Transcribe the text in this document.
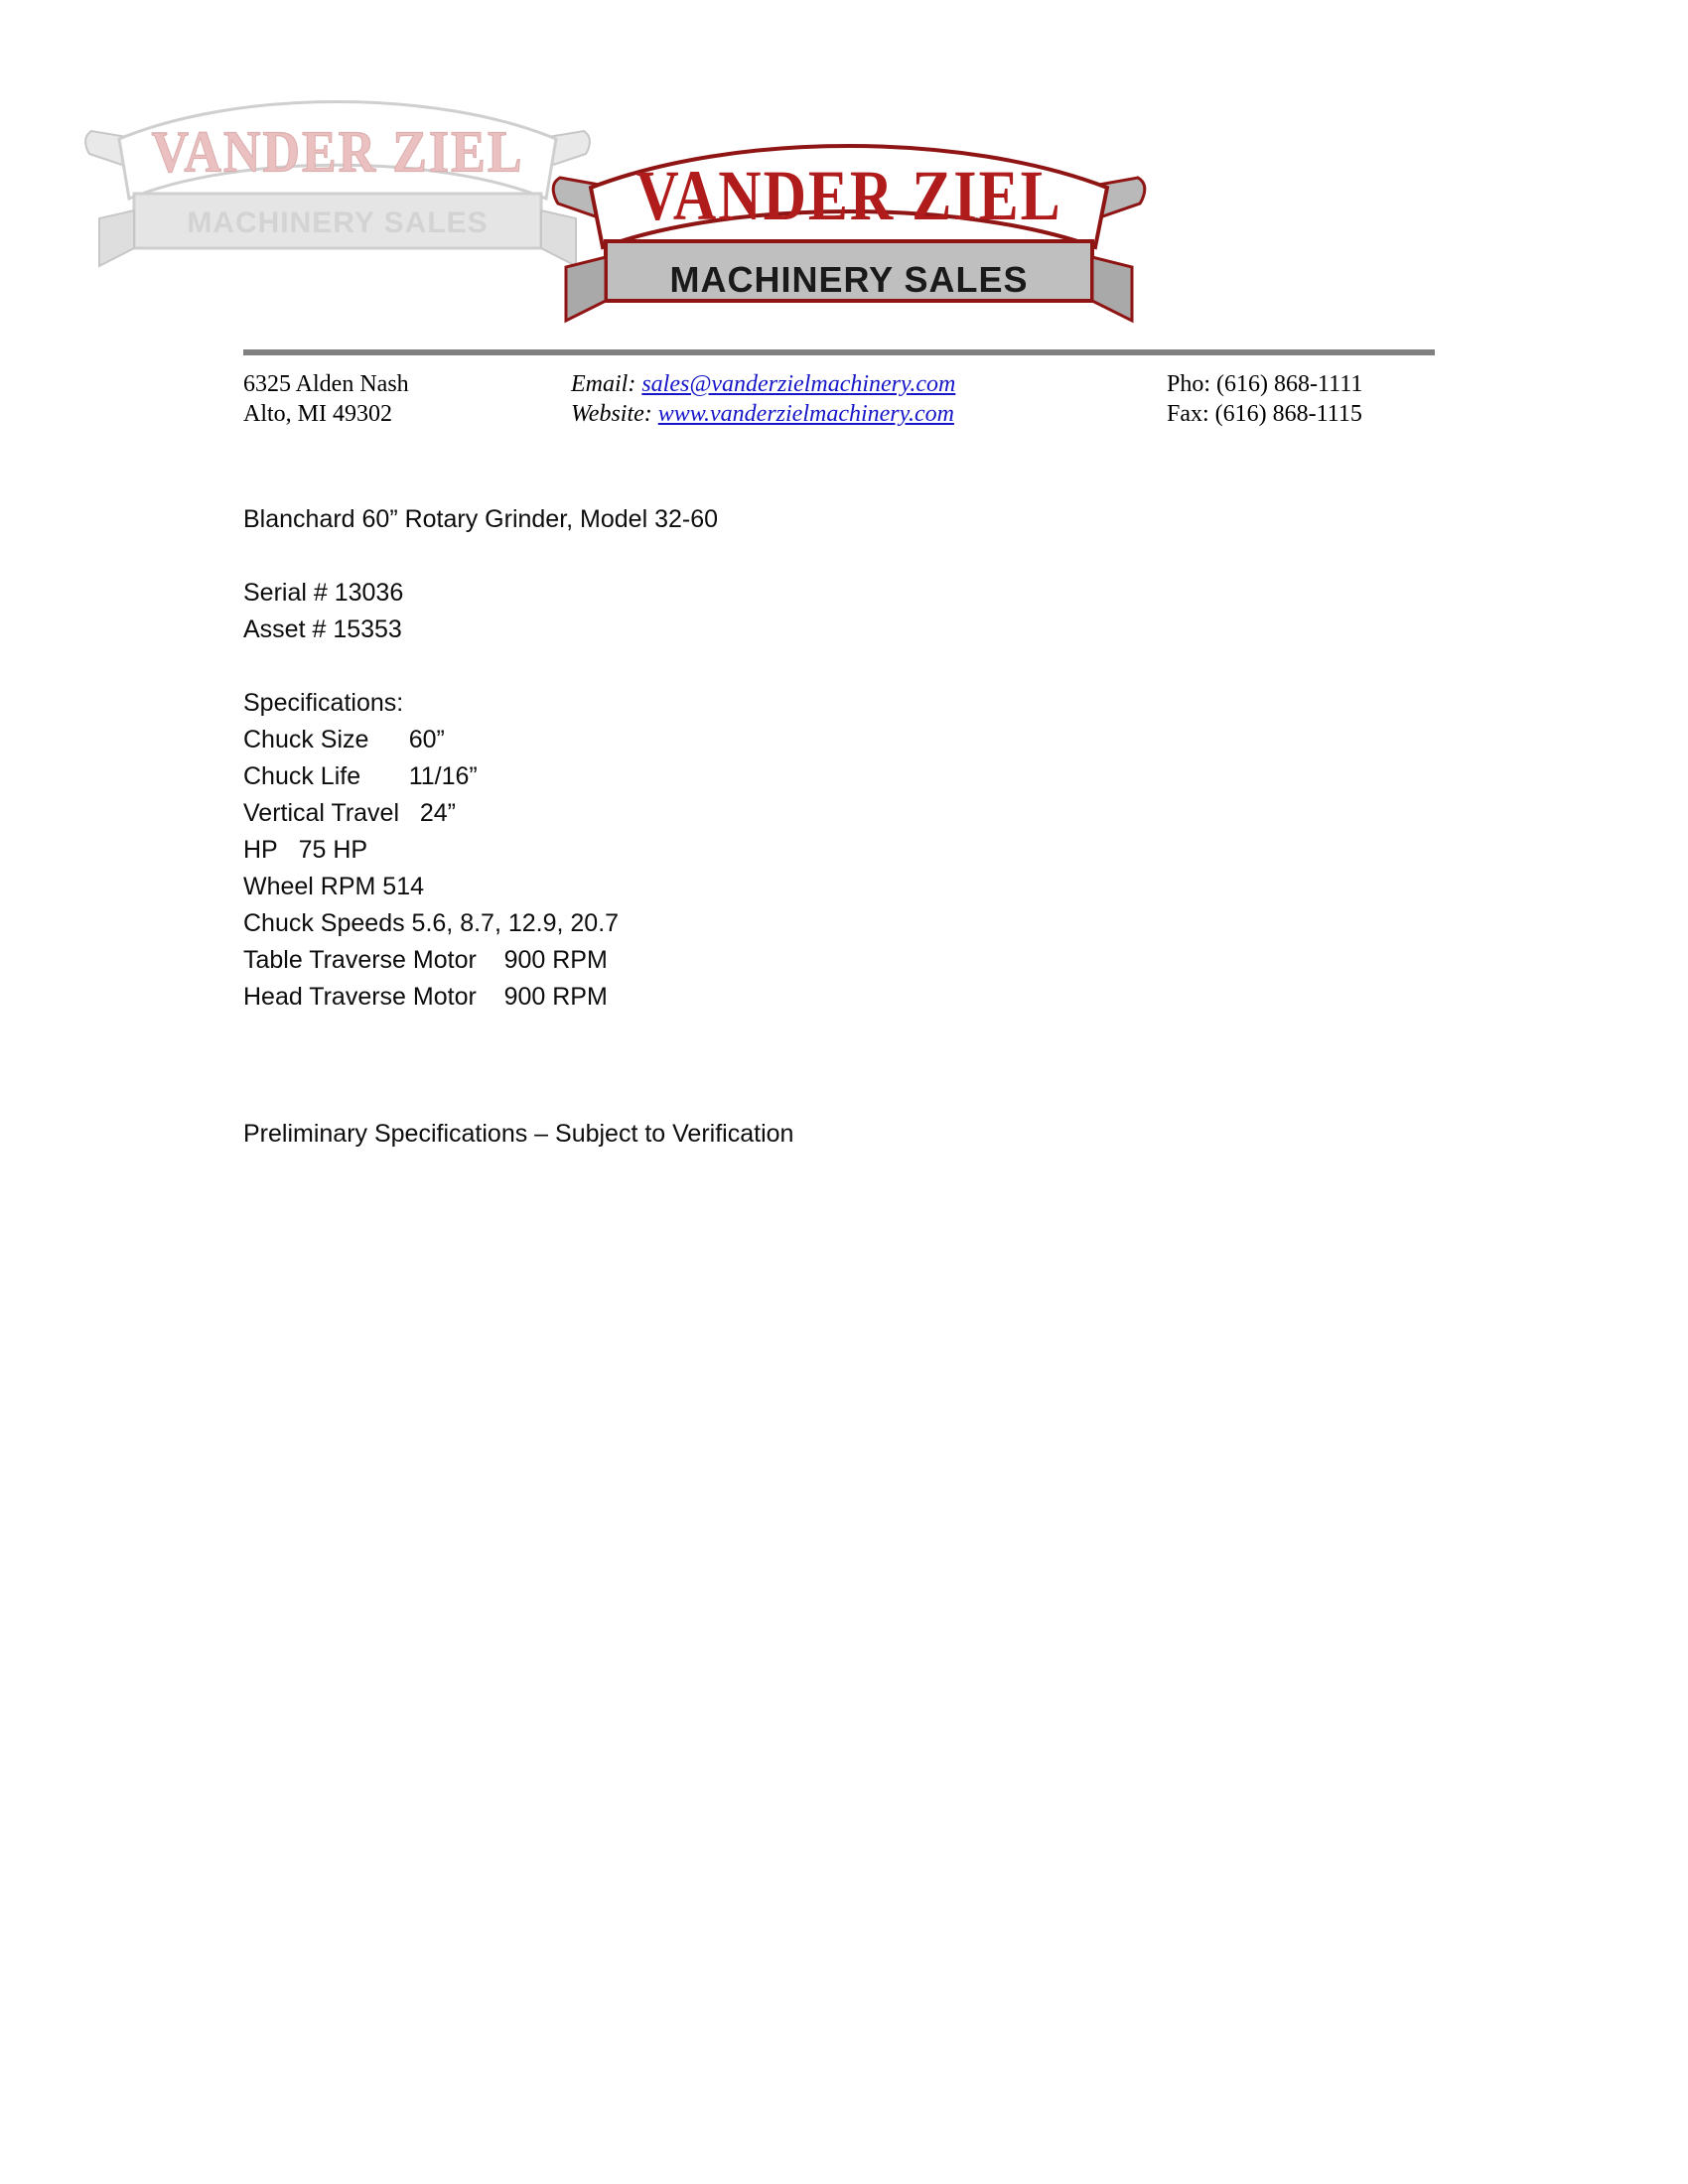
VANDER ZIEL
MACHINERY SALES	VANDER ZIEL
MACHINERY SALES
6325 Alden Nash	Email: sales@vanderzielmachinery.com	Pho: (616) 868-1111
Alto, MI 49302	Website: www.vanderzielmachinery.com	Fax: (616) 868-1115
Blanchard 60” Rotary Grinder, Model 32-60
Serial # 13036
Asset # 15353
Specifications:
Chuck Size	60”
Chuck Life	11/16”
Vertical Travel   24”
HP	75 HP
Wheel RPM 514
Chuck Speeds 5.6, 8.7, 12.9, 20.7
Table Traverse Motor    900 RPM
Head Traverse Motor    900 RPM
Preliminary Specifications – Subject to Verification
